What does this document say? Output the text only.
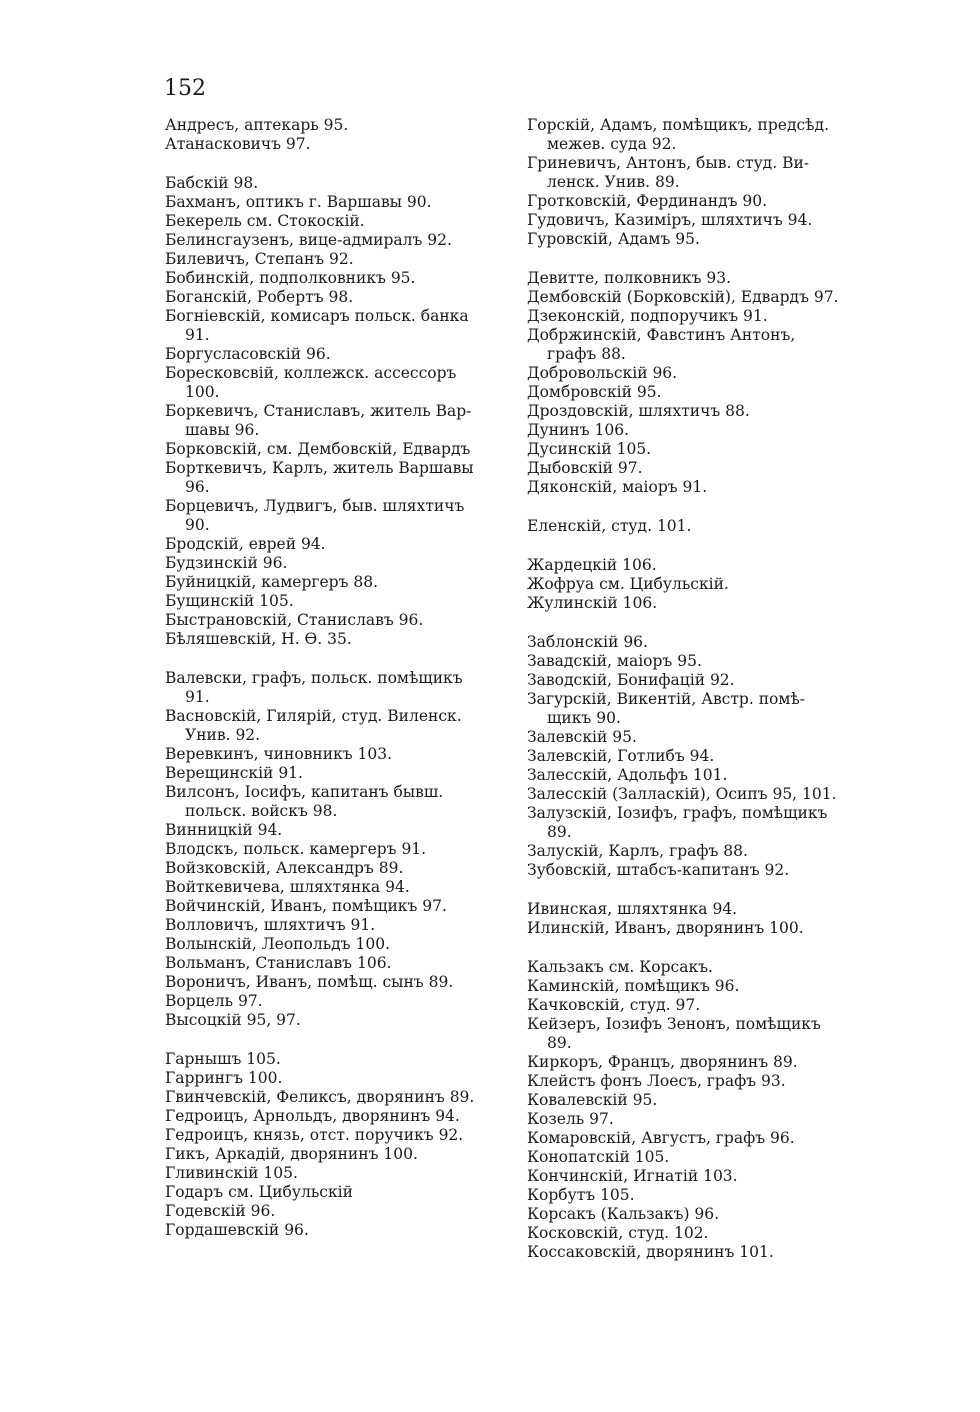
152
Андресъ, аптекарь 95.
Атанасковичъ 97.
Бабскій 98.
Бахманъ, оптикъ г. Варшавы 90.
Бекерель см. Стокоскій.
Белинсгаузенъ, вице-адмиралъ 92.
Билевичъ, Степанъ 92.
Бобинскій, подполковникъ 95.
Боганскій, Робертъ 98.
Богніевскій, комисаръ польск. банка
91.
Боргусласовскій 96.
Боресковсвій, коллежск. ассессоръ
100.
Боркевичъ, Станиславъ, житель Вар-
шавы 96.
Борковскій, см. Дембовскій, Едвардъ
Борткевичъ, Карлъ, житель Варшавы
96.
Борцевичъ, Лудвигъ, быв. шляхтичъ
90.
Бродскій, еврей 94.
Будзинскій 96.
Буйницкій, камергеръ 88.
Бущинскій 105.
Быстрановскій, Станиславъ 96.
Бѣляшевскій, Н. Ѳ. 35.
Валевски, графъ, польск. помѣщикъ
91.
Васновскій, Гилярій, студ. Виленск.
Унив. 92.
Веревкинъ, чиновникъ 103.
Верещинскій 91.
Вилсонъ, Іосифъ, капитанъ бывш.
польск. войскъ 98.
Винницкій 94.
Влодскъ, польск. камергеръ 91.
Войзковскій, Александръ 89.
Войткевичева, шляхтянка 94.
Войчинскій, Иванъ, помѣщикъ 97.
Волловичъ, шляхтичъ 91.
Волынскій, Леопольдъ 100.
Вольманъ, Станиславъ 106.
Вороничъ, Иванъ, помѣщ. сынъ 89.
Ворцель 97.
Высоцкій 95, 97.
Гарнышъ 105.
Гаррингъ 100.
Гвинчевскій, Феликсъ, дворянинъ 89.
Гедроицъ, Арнольдъ, дворянинъ 94.
Гедроицъ, князь, отст. поручикъ 92.
Гикъ, Аркадій, дворянинъ 100.
Гливинскій 105.
Годаръ см. Цибульскій
Годевскій 96.
Гордашевскій 96.
Горскій, Адамъ, помѣщикъ, предсѣд.
межев. суда 92.
Гриневичъ, Антонъ, быв. студ. Ви-
ленск. Унив. 89.
Гротковскій, Фердинандъ 90.
Гудовичъ, Казиміръ, шляхтичъ 94.
Гуровскій, Адамъ 95.
Девитте, полковникъ 93.
Дембовскій (Борковскій), Едвардъ 97.
Дзеконскій, подпоручикъ 91.
Добржинскій, Фавстинъ Антонъ,
графъ 88.
Добровольскій 96.
Домбровскій 95.
Дроздовскій, шляхтичъ 88.
Дунинъ 106.
Дусинскій 105.
Дыбовскій 97.
Дяконскій, маіоръ 91.
Еленскій, студ. 101.
Жардецкій 106.
Жофруа см. Цибульскій.
Жулинскій 106.
Заблонскій 96.
Завадскій, маіоръ 95.
Заводскій, Бонифацій 92.
Загурскій, Викентій, Австр. помѣ-
щикъ 90.
Залевскій 95.
Залевскій, Готлибъ 94.
Залесскій, Адольфъ 101.
Залесскій (Залласкій), Осипъ 95, 101.
Залузскій, Іозифъ, графъ, помѣщикъ
89.
Залускій, Карлъ, графъ 88.
Зубовскій, штабсъ-капитанъ 92.
Ивинская, шляхтянка 94.
Илинскій, Иванъ, дворянинъ 100.
Кальзакъ см. Корсакъ.
Каминскій, помѣщикъ 96.
Качковскій, студ. 97.
Кейзеръ, Іозифъ Зенонъ, помѣщикъ
89.
Киркоръ, Францъ, дворянинъ 89.
Клейстъ фонъ Лоесъ, графъ 93.
Ковалевскій 95.
Козель 97.
Комаровскій, Августъ, графъ 96.
Конопатскій 105.
Кончинскій, Игнатій 103.
Корбутъ 105.
Корсакъ (Кальзакъ) 96.
Косковскій, студ. 102.
Коссаковскій, дворянинъ 101.
